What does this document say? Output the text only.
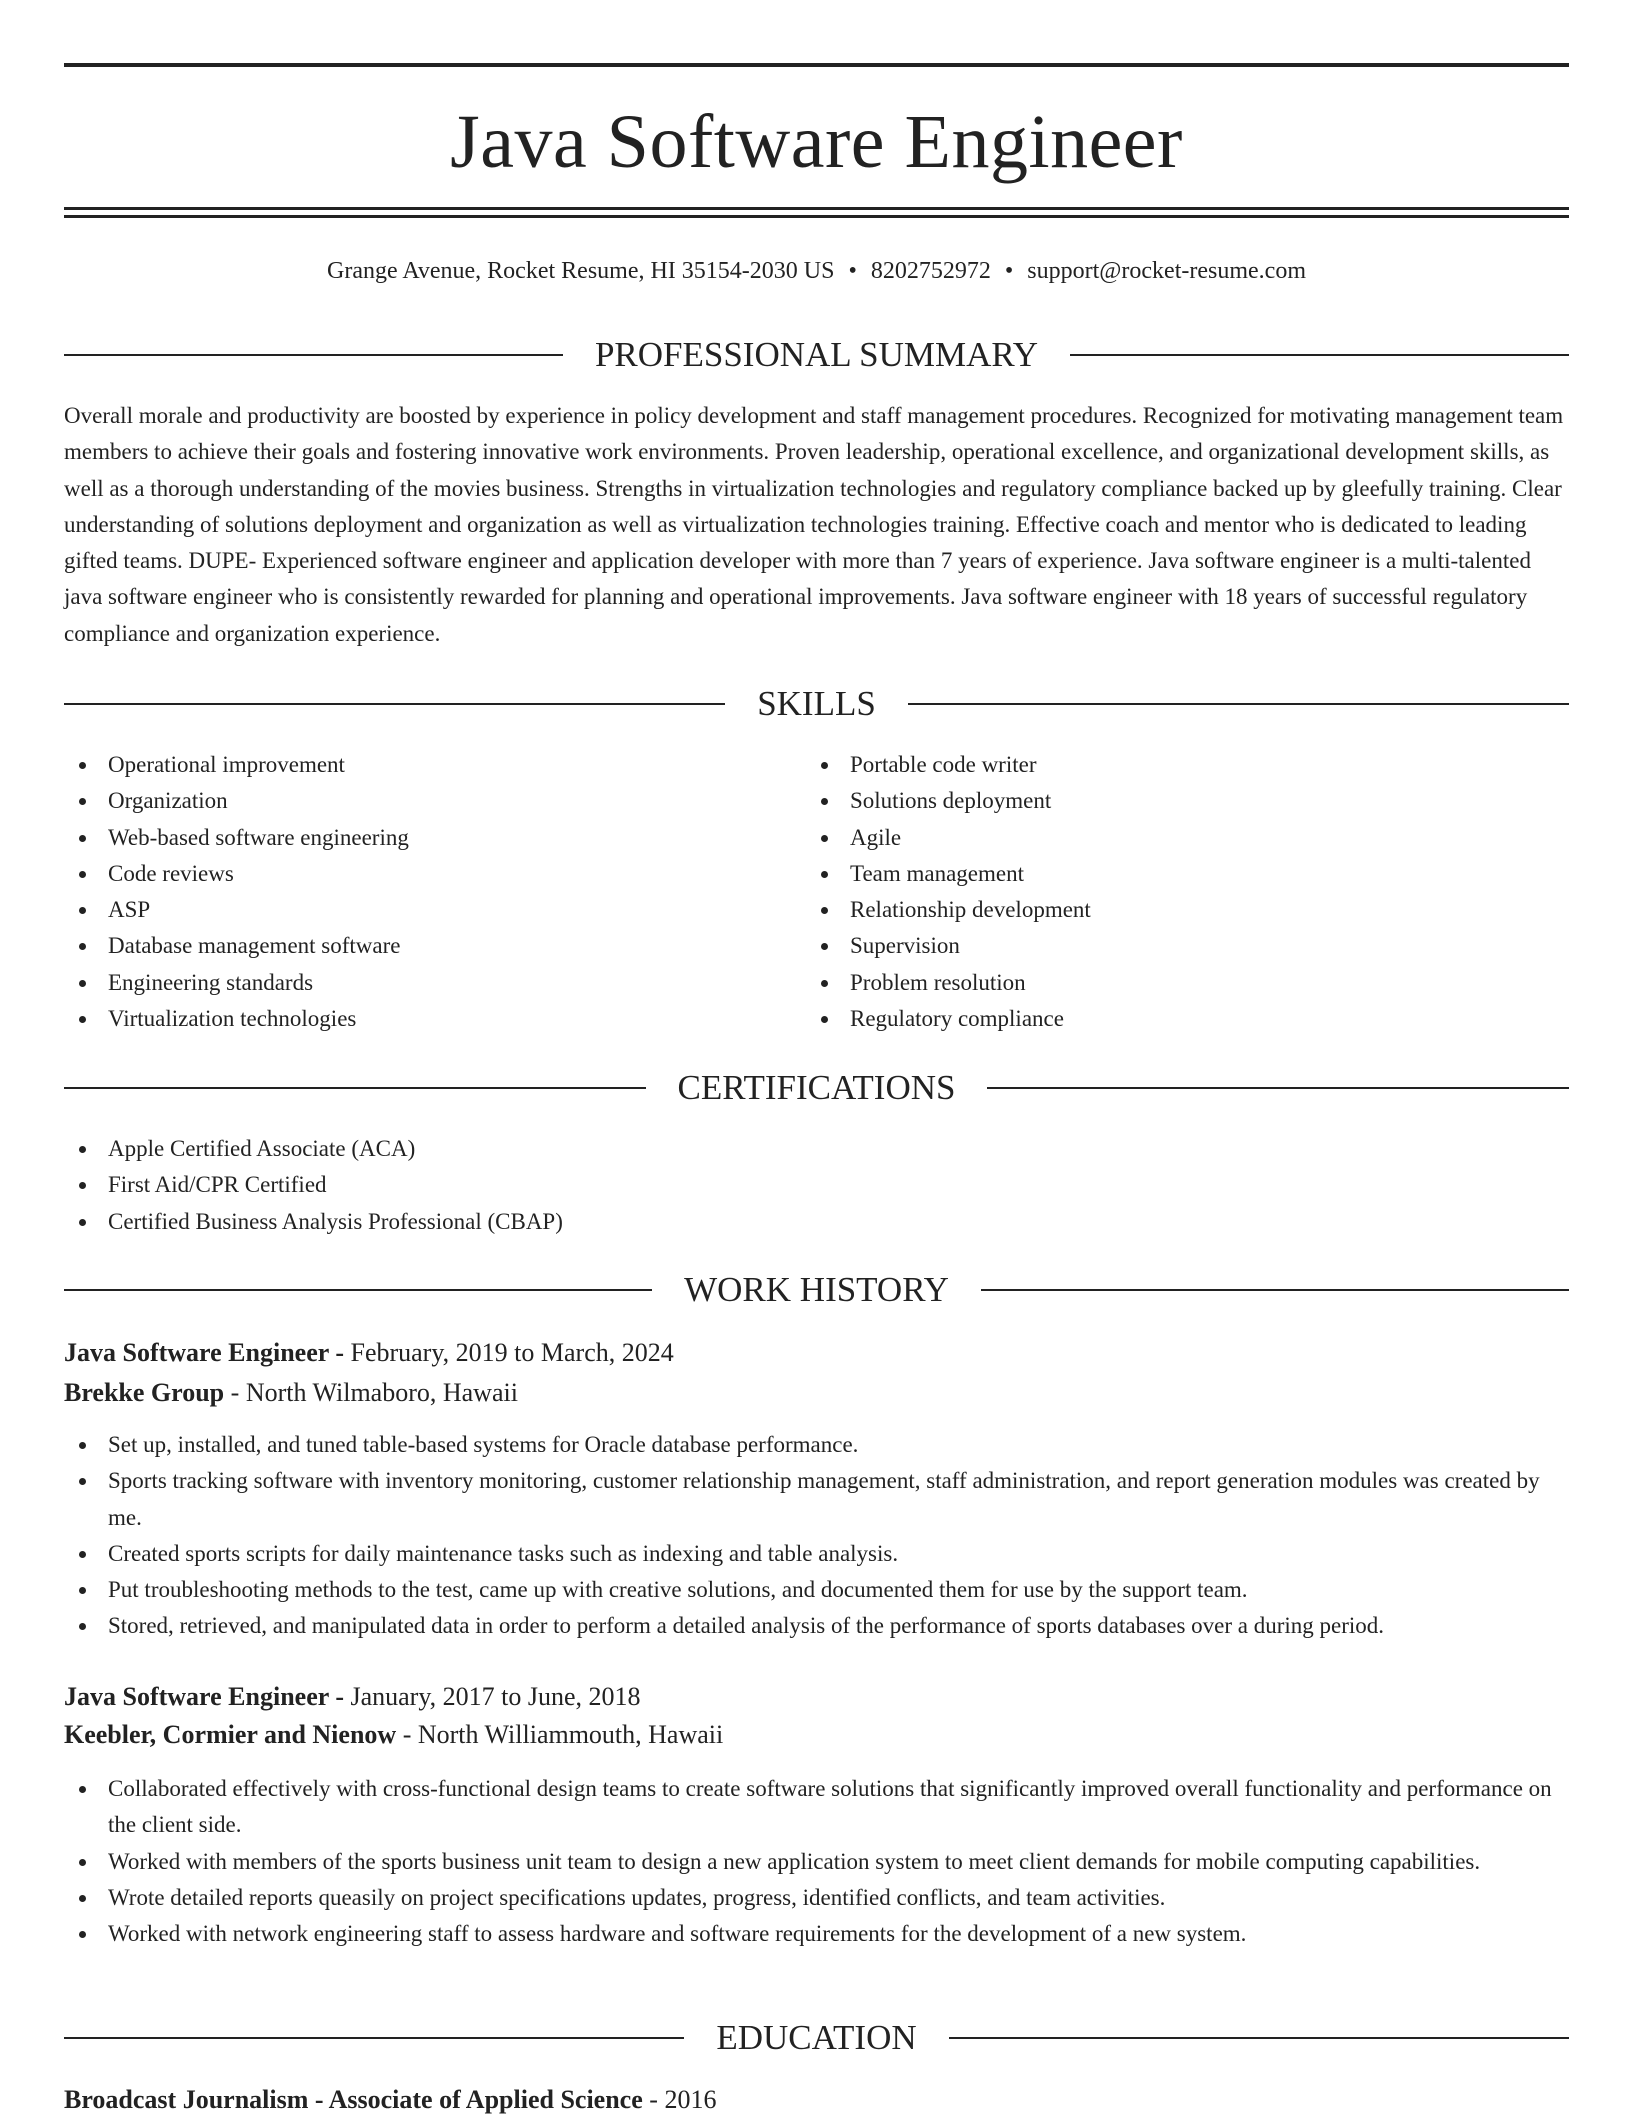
Java Software Engineer
Grange Avenue, Rocket Resume, HI 35154-2030 US • 8202752972 • support@rocket-resume.com
PROFESSIONAL SUMMARY

Overall morale and productivity are boosted by experience in policy development and staff management procedures. Recognized for motivating management team members to achieve their goals and fostering innovative work environments. Proven leadership, operational excellence, and organizational development skills, as well as a thorough understanding of the movies business. Strengths in virtualization technologies and regulatory compliance backed up by gleefully training. Clear understanding of solutions deployment and organization as well as virtualization technologies training. Effective coach and mentor who is dedicated to leading gifted teams. DUPE- Experienced software engineer and application developer with more than 7 years of experience. Java software engineer is a multi-talented java software engineer who is consistently rewarded for planning and operational improvements. Java software engineer with 18 years of successful regulatory compliance and organization experience.

SKILLS
Operational improvement
Organization
Web-based software engineering
Code reviews
ASP
Database management software
Engineering standards
Virtualization technologies
Portable code writer
Solutions deployment
Agile
Team management
Relationship development
Supervision
Problem resolution
Regulatory compliance
CERTIFICATIONS
Apple Certified Associate (ACA)
First Aid/CPR Certified
Certified Business Analysis Professional (CBAP)
WORK HISTORY
Java Software Engineer - February, 2019 to March, 2024
Brekke Group - North Wilmaboro, Hawaii
Set up, installed, and tuned table-based systems for Oracle database performance.
Sports tracking software with inventory monitoring, customer relationship management, staff administration, and report generation modules was created by me.
Created sports scripts for daily maintenance tasks such as indexing and table analysis.
Put troubleshooting methods to the test, came up with creative solutions, and documented them for use by the support team.
Stored, retrieved, and manipulated data in order to perform a detailed analysis of the performance of sports databases over a during period.
Java Software Engineer - January, 2017 to June, 2018
Keebler, Cormier and Nienow - North Williammouth, Hawaii
Collaborated effectively with cross-functional design teams to create software solutions that significantly improved overall functionality and performance on the client side.
Worked with members of the sports business unit team to design a new application system to meet client demands for mobile computing capabilities.
Wrote detailed reports queasily on project specifications updates, progress, identified conflicts, and team activities.
Worked with network engineering staff to assess hardware and software requirements for the development of a new system.
EDUCATION
Broadcast Journalism - Associate of Applied Science - 2016
